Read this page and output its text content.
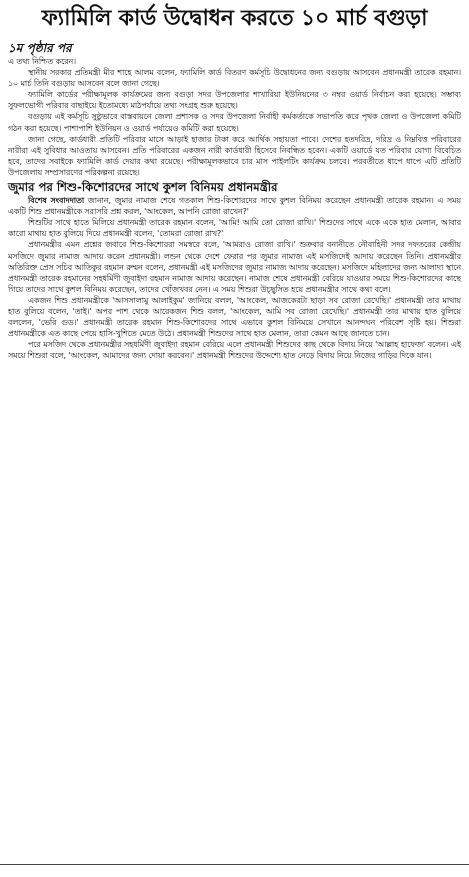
ফ্যামিলি কার্ড উদ্বোধন করতে ১০ মার্চ বগুড়া

১ম পৃষ্ঠার পর

এ তথ্য নিশ্চিত করেন।

স্থানীয় সরকার প্রতিমন্ত্রী মীর শাহে আলম বলেন, ফ্যামিলি কার্ড বিতরণ কর্মসূচি উদ্বোধনের জন্য বগুড়ায় আসবেন প্রধানমন্ত্রী তারেক রহমান। ১০ মার্চ তিনি বগুড়ায় আসবেন বলে জানা গেছে।

ফ্যামিলি কার্ডের পরীক্ষামূলক কার্যক্রমের জন্য বগুড়া সদর উপজেলার শাখারিয়া ইউনিয়নের ৩ নম্বর ওয়ার্ড নির্বাচন করা হয়েছে। সম্ভাব্য সুফলভোগী পরিবার বাছাইয়ে ইতোমধ্যে মাঠপর্যায়ে তথ্য সংগ্রহ শুরু হয়েছে।

বগুড়ায় এই কর্মসূচি সুষ্ঠুভাবে বাস্তবায়নে জেলা প্রশাসক ও সদর উপজেলা নির্বাহী কর্মকর্তাকে সভাপতি করে পৃথক জেলা ও উপজেলা কমিটি গঠন করা হয়েছে। পাশাপাশি ইউনিয়ন ও ওয়ার্ড পর্যায়েও কমিটি করা হয়েছে।

জানা গেছে, কার্ডধারী প্রতিটি পরিবার মাসে আড়াই হাজার টাকা করে আর্থিক সহায়তা পাবে। দেশের হতদরিদ্র, দরিদ্র ও নিম্নবিত্ত পরিবারের নারীরা এই সুবিধার আওতায় আসবেন। প্রতি পরিবারের একজন নারী কার্ডধারী হিসেবে নিবন্ধিত হবেন। একটি ওয়ার্ডে যত পরিবার যোগ্য বিবেচিত হবে, তাদের সবাইকে ফ্যামিলি কার্ড দেয়ার কথা রয়েছে। পরীক্ষামূলকভাবে চার মাস পাইলটিং কার্যক্রম চলবে। পরবর্তীতে ধাপে ধাপে এটি প্রতিটি উপজেলায় সম্প্রসারণের পরিকল্পনা রয়েছে।

জুমার পর শিশু-কিশোরদের সাথে কুশল বিনিময় প্রধানমন্ত্রীর

বিশেষ সংবাদদাতা জানান, জুমার নামাজ শেষে গতকাল শিশু-কিশোরদের সাথে কুশল বিনিময় করেছেন প্রধানমন্ত্রী তারেক রহমান। এ সময় একটি শিশু প্রধানমন্ত্রীকে সরাসরি প্রশ্ন করল, 'আংকেল, আপনি রোজা রাখেন?'

শিশুটির সাথে হাতে মিলিয়ে প্রধানমন্ত্রী তারেক রহমান বলেন, 'আমি! আমি তো রোজা রাখি।' শিশুদের সাথে একে একে হাত মেলান, আবার কারো মাথায় হাত বুলিয়ে দিয়ে প্রধানমন্ত্রী বলেন, 'তোমরা রোজা রাখ?'

প্রধানমন্ত্রীর এমন প্রশ্নের জবাবে শিশু-কিশোররা সমস্বরে বলে, 'আমরাও রোজা রাখি।' শুক্রবার বনানীতে নৌবাহিনী সদর দফতরের কেন্দ্রীয় মসজিদে জুমার নামাজ আদায় করেন প্রধানমন্ত্রী। লন্ডন থেকে দেশে ফেরার পর জুমার নামাজ এই মসজিদেই আদায় করেছেন তিনি। প্রধানমন্ত্রীর অতিরিক্ত প্রেস সচিব আতিকুর রহমান রুম্মন বলেন, প্রধানমন্ত্রী এই মসজিদের জুমার নামাজ আদায় করেছেন। মসজিদে মহিলাদের জন্য আলাদা স্থানে প্রধানমন্ত্রী তারেক রহমানের সহধর্মিণী জুবাইদা রহমান নামাজ আদায় করেছেন। নামাজ শেষে প্রধানমন্ত্রী বেরিয়ে যাওয়ার সময়ে শিশু-কিশোরদের কাছে গিয়ে তাদের সাথে কুশল বিনিময় করেছেন, তাদের খোঁজখবর নেন। এ সময় শিশুরা উচ্ছ্বসিত হয়ে প্রধানমন্ত্রীর সাথে কথা বলে।

একজন শিশু প্রধানমন্ত্রীকে 'আসসালামু আলাইকুম' জানিয়ে বলল, 'আংকেল, আজকেরটা ছাড়া সব রোজা রেখেছি।' প্রধানমন্ত্রী তার মাথায় হাত বুলিয়ে বলেন, 'তাই।' অপর পাশ থেকে আরেকজন শিশু বলল, 'আংকেল, আমি সব রোজা রেখেছি।' প্রধানমন্ত্রী তার মাথায় হাত বুলিয়ে বললেন, 'ভেরি গুড।' প্রধানমন্ত্রী তারেক রহমান শিশু-কিশোরদের সাথে এভাবে কুশল বিনিময়ে সেখানে আনন্দঘন পরিবেশ সৃষ্টি হয়। শিশুরা প্রধানমন্ত্রীকে এত কাছে পেয়ে হাসি-খুশিতে মেতে উঠে। প্রধানমন্ত্রী শিশুদের সাথে হাত মেলান, তারা কেমন আছে জানতে চান।

পরে মসজিদ থেকে প্রধানমন্ত্রীর সহধর্মিণী জুবাইদা রহমান বেরিয়ে এলে প্রধানমন্ত্রী শিশুদের কাছ থেকে বিদায় নিয়ে 'আল্লাহ হাফেজ' বলেন। এই সময়ে শিশুরা বলে, 'আংকেল, আমাদের জন্য দোয়া করবেন।' প্রধানমন্ত্রী শিশুদের উদ্দেশ্যে হাত নেড়ে বিদায় নিয়ে নিজের গাড়ির দিকে যান।
